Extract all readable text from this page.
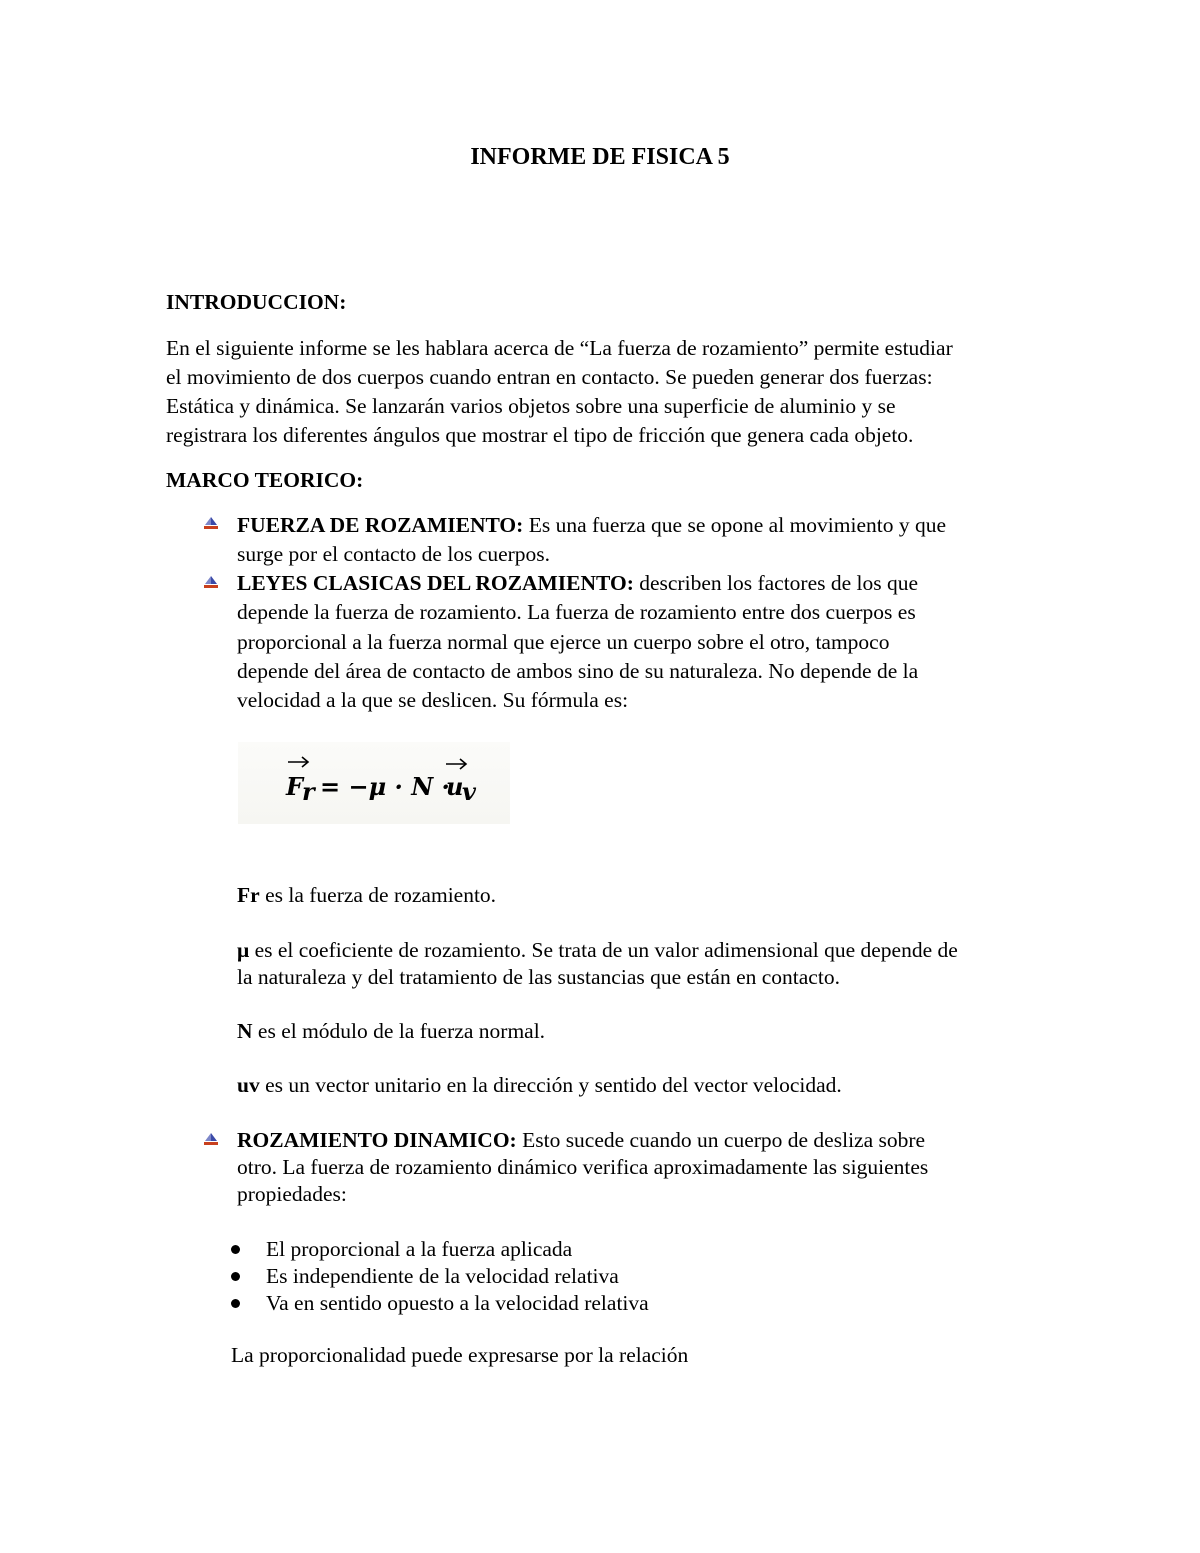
INFORME DE FISICA 5
INTRODUCCION:
En el siguiente informe se les hablara acerca de “La fuerza de rozamiento” permite estudiar
el movimiento de dos cuerpos cuando entran en contacto. Se pueden generar dos fuerzas:
Estática y dinámica. Se lanzarán varios objetos sobre una superficie de aluminio y se
registrara los diferentes ángulos que mostrar el tipo de fricción que genera cada objeto.
MARCO TEORICO:
FUERZA DE ROZAMIENTO: Es una fuerza que se opone al movimiento y que
surge por el contacto de los cuerpos.
LEYES CLASICAS DEL ROZAMIENTO: describen los factores de los que
depende la fuerza de rozamiento. La fuerza de rozamiento entre dos cuerpos es
proporcional a la fuerza normal que ejerce un cuerpo sobre el otro, tampoco
depende del área de contacto de ambos sino de su naturaleza. No depende de la
velocidad a la que se deslicen. Su fórmula es:
F
r = −μ · N ·
u
v
Fr es la fuerza de rozamiento.
μ es el coeficiente de rozamiento. Se trata de un valor adimensional que depende de
la naturaleza y del tratamiento de las sustancias que están en contacto.
N es el módulo de la fuerza normal.
uv es un vector unitario en la dirección y sentido del vector velocidad.
ROZAMIENTO DINAMICO: Esto sucede cuando un cuerpo de desliza sobre
otro. La fuerza de rozamiento dinámico verifica aproximadamente las siguientes
propiedades:
El proporcional a la fuerza aplicada
Es independiente de la velocidad relativa
Va en sentido opuesto a la velocidad relativa
La proporcionalidad puede expresarse por la relación
